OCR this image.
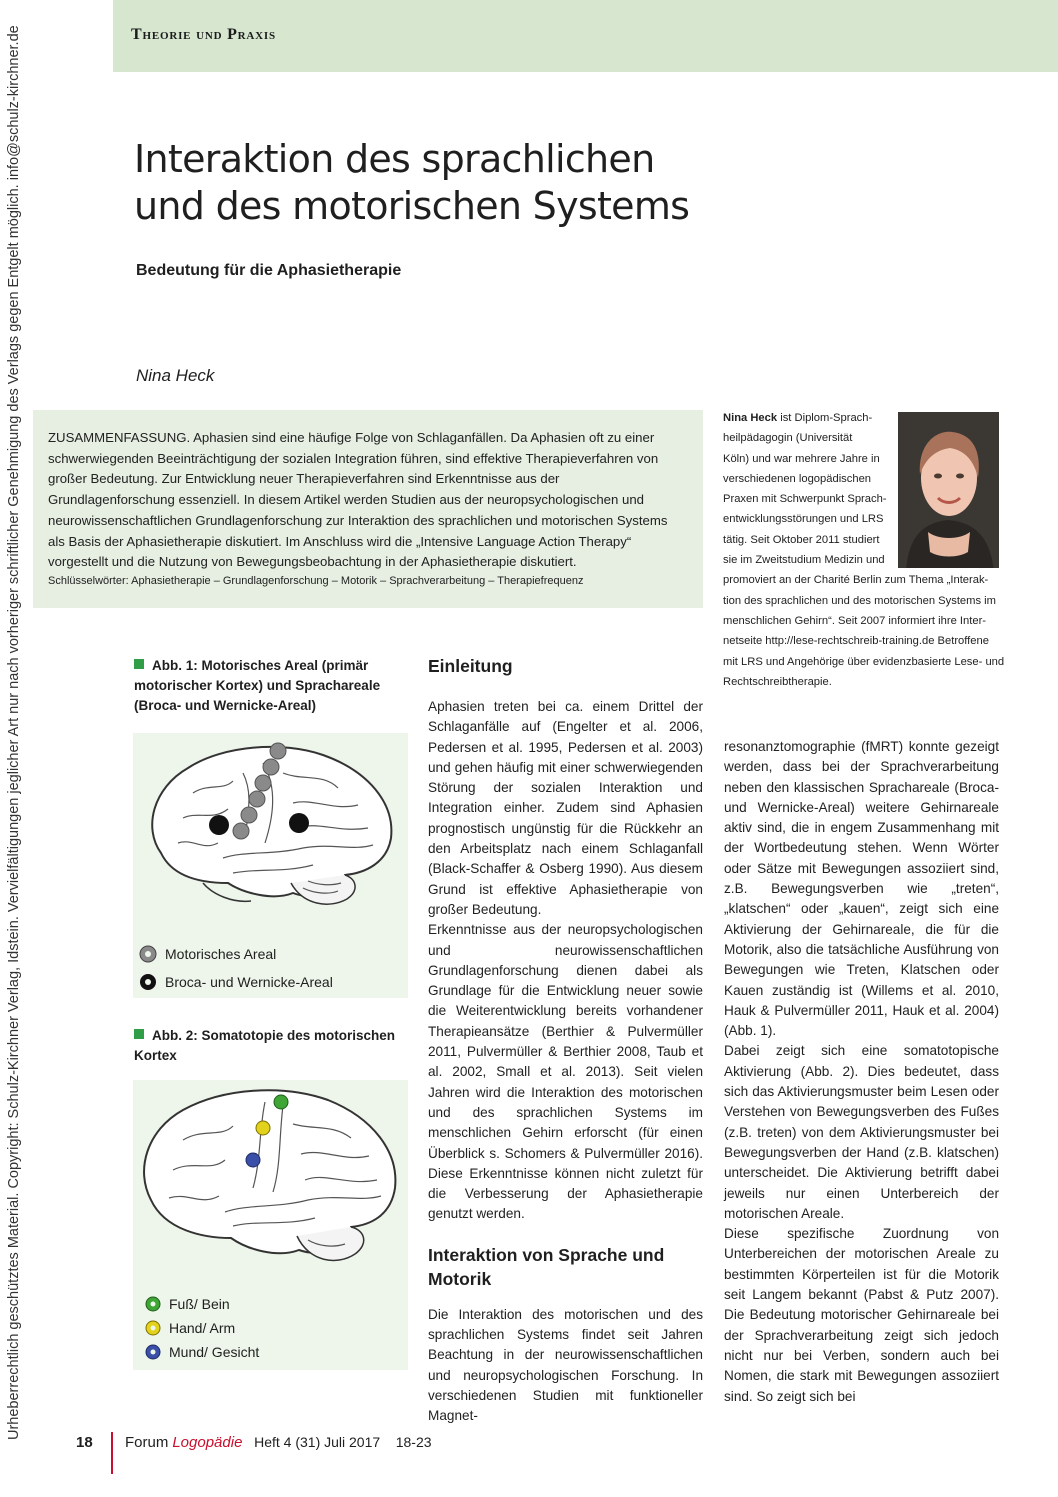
Theorie und Praxis
Urheberrechtlich geschütztes Material. Copyright: Schulz-Kirchner Verlag, Idstein. Vervielfältigungen jeglicher Art nur nach vorheriger schriftlicher Genehmigung des Verlags gegen Entgelt möglich. info@schulz-kirchner.de	Interaktion des sprachlichen
und des motorischen Systems
Bedeutung für die Aphasietherapie
Nina Heck
ZUSAMMENFASSUNG. Aphasien sind eine häufige Folge von Schlaganfällen. Da Aphasien oft zu einer schwerwiegenden Beeinträchtigung der sozialen Integration führen, sind effektive Therapieverfahren von großer Bedeutung. Zur Entwicklung neuer Therapieverfahren sind Erkenntnisse aus der Grundlagenforschung essenziell. In diesem Artikel werden Studien aus der neuropsychologischen und neurowissenschaftlichen Grundlagenforschung zur Interaktion des sprachlichen und motorischen Systems als Basis der Aphasietherapie diskutiert. Im Anschluss wird die „Intensive Language Action Therapy“ vorgestellt und die Nutzung von Bewegungsbeobachtung in der Aphasietherapie diskutiert.
Schlüsselwörter: Aphasietherapie – Grundlagenforschung – Motorik – Sprachverarbeitung – Therapiefrequenz
Nina Heck ist Diplom-Sprach-
heilpädagogin (Universität
Köln) und war mehrere Jahre in
verschiedenen logopädischen
Praxen mit Schwerpunkt Sprach-
entwicklungsstörungen und LRS
tätig. Seit Oktober 2011 studiert
sie im Zweitstudium Medizin und
promoviert an der Charité Berlin zum Thema „Interak-
tion des sprachlichen und des motorischen Systems im
menschlichen Gehirn“. Seit 2007 informiert ihre Inter-
netseite http://lese-rechtschreib-training.de Betroffene
mit LRS und Angehörige über evidenzbasierte Lese- und
Rechtschreibtherapie.
Abb. 1: Motorisches Areal (primär motorischer Kortex) und Sprachareale (Broca- und Wernicke-Areal)
Motorisches Areal
Broca- und Wernicke-Areal
Abb. 2: Somatotopie des motorischen Kortex
Fuß/ Bein
Hand/ Arm
Mund/ Gesicht
Einleitung

Aphasien treten bei ca. einem Drittel der Schlaganfälle auf (Engelter et al. 2006, Pedersen et al. 1995, Pedersen et al. 2003) und gehen häufig mit einer schwerwiegenden Störung der sozialen Interaktion und Integration einher. Zudem sind Aphasien prognostisch ungünstig für die Rückkehr an den Arbeitsplatz nach einem Schlaganfall (Black-Schaffer & Osberg 1990). Aus diesem Grund ist effektive Aphasietherapie von großer Bedeutung.

Erkenntnisse aus der neuropsychologischen und neurowissenschaftlichen Grundlagenforschung dienen dabei als Grundlage für die Entwicklung neuer sowie die Weiterentwicklung bereits vorhandener Therapieansätze (Berthier & Pulvermüller 2011, Pulvermüller & Berthier 2008, Taub et al. 2002, Small et al. 2013). Seit vielen Jahren wird die Interaktion des motorischen und des sprachlichen Systems im menschlichen Gehirn erforscht (für einen Überblick s. Schomers & Pulvermüller 2016). Diese Erkenntnisse können nicht zuletzt für die Verbesserung der Aphasietherapie genutzt werden.

Interaktion von Sprache und Motorik

Die Interaktion des motorischen und des sprachlichen Systems findet seit Jahren Beachtung in der neurowissenschaftlichen und neuropsychologischen Forschung. In verschiedenen Studien mit funktioneller Magnet-

resonanztomographie (fMRT) konnte gezeigt werden, dass bei der Sprachverarbeitung neben den klassischen Sprachareale (Broca- und Wernicke-Areal) weitere Gehirnareale aktiv sind, die in engem Zusammenhang mit der Wortbedeutung stehen. Wenn Wörter oder Sätze mit Bewegungen assoziiert sind, z.B. Bewegungsverben wie „treten“, „klatschen“ oder „kauen“, zeigt sich eine Aktivierung der Gehirnareale, die für die Motorik, also die tatsächliche Ausführung von Bewegungen wie Treten, Klatschen oder Kauen zuständig ist (Willems et al. 2010, Hauk & Pulvermüller 2011, Hauk et al. 2004) (Abb. 1).

Dabei zeigt sich eine somatotopische Aktivierung (Abb. 2). Dies bedeutet, dass sich das Aktivierungsmuster beim Lesen oder Verstehen von Bewegungsverben des Fußes (z.B. treten) von dem Aktivierungsmuster bei Bewegungsverben der Hand (z.B. klatschen) unterscheidet. Die Aktivierung betrifft dabei jeweils nur einen Unterbereich der motorischen Areale.

Diese spezifische Zuordnung von Unterbereichen der motorischen Areale zu bestimmten Körperteilen ist für die Motorik seit Langem bekannt (Pabst & Putz 2007). Die Bedeutung motorischer Gehirnareale bei der Sprachverarbeitung zeigt sich jedoch nicht nur bei Verben, sondern auch bei Nomen, die stark mit Bewegungen assoziiert sind. So zeigt sich bei

18 Forum Logopädie Heft 4 (31) Juli 2017 18-23
